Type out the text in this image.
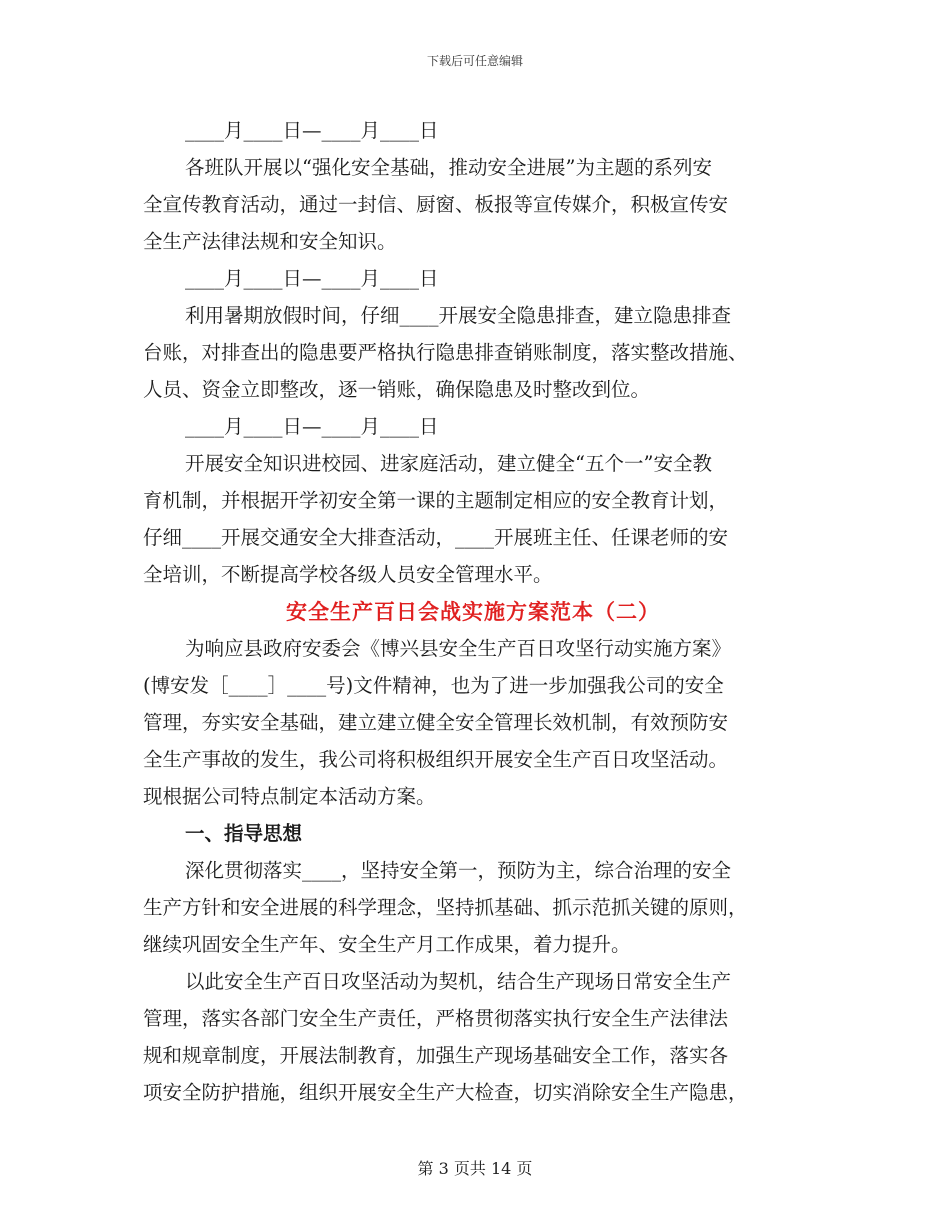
下载后可任意编辑
____月____日—____月____日
各班队开展以“强化安全基础，推动安全进展”为主题的系列安
全宣传教育活动，通过一封信、厨窗、板报等宣传媒介，积极宣传安
全生产法律法规和安全知识。
____月____日—____月____日
利用暑期放假时间，仔细____开展安全隐患排查，建立隐患排查
台账，对排查出的隐患要严格执行隐患排查销账制度，落实整改措施、
人员、资金立即整改，逐一销账，确保隐患及时整改到位。
____月____日—____月____日
开展安全知识进校园、进家庭活动，建立健全“五个一”安全教
育机制，并根据开学初安全第一课的主题制定相应的安全教育计划，
仔细____开展交通安全大排查活动，____开展班主任、任课老师的安
全培训，不断提高学校各级人员安全管理水平。
安全生产百日会战实施方案范本（二）
为响应县政府安委会《博兴县安全生产百日攻坚行动实施方案》
(博安发［____］____号)文件精神，也为了进一步加强我公司的安全
管理，夯实安全基础，建立建立健全安全管理长效机制，有效预防安
全生产事故的发生，我公司将积极组织开展安全生产百日攻坚活动。
现根据公司特点制定本活动方案。
一、指导思想
深化贯彻落实____，坚持安全第一，预防为主，综合治理的安全
生产方针和安全进展的科学理念，坚持抓基础、抓示范抓关键的原则，
继续巩固安全生产年、安全生产月工作成果，着力提升。
以此安全生产百日攻坚活动为契机，结合生产现场日常安全生产
管理，落实各部门安全生产责任，严格贯彻落实执行安全生产法律法
规和规章制度，开展法制教育，加强生产现场基础安全工作，落实各
项安全防护措施，组织开展安全生产大检查，切实消除安全生产隐患，
第 3 页共 14 页
